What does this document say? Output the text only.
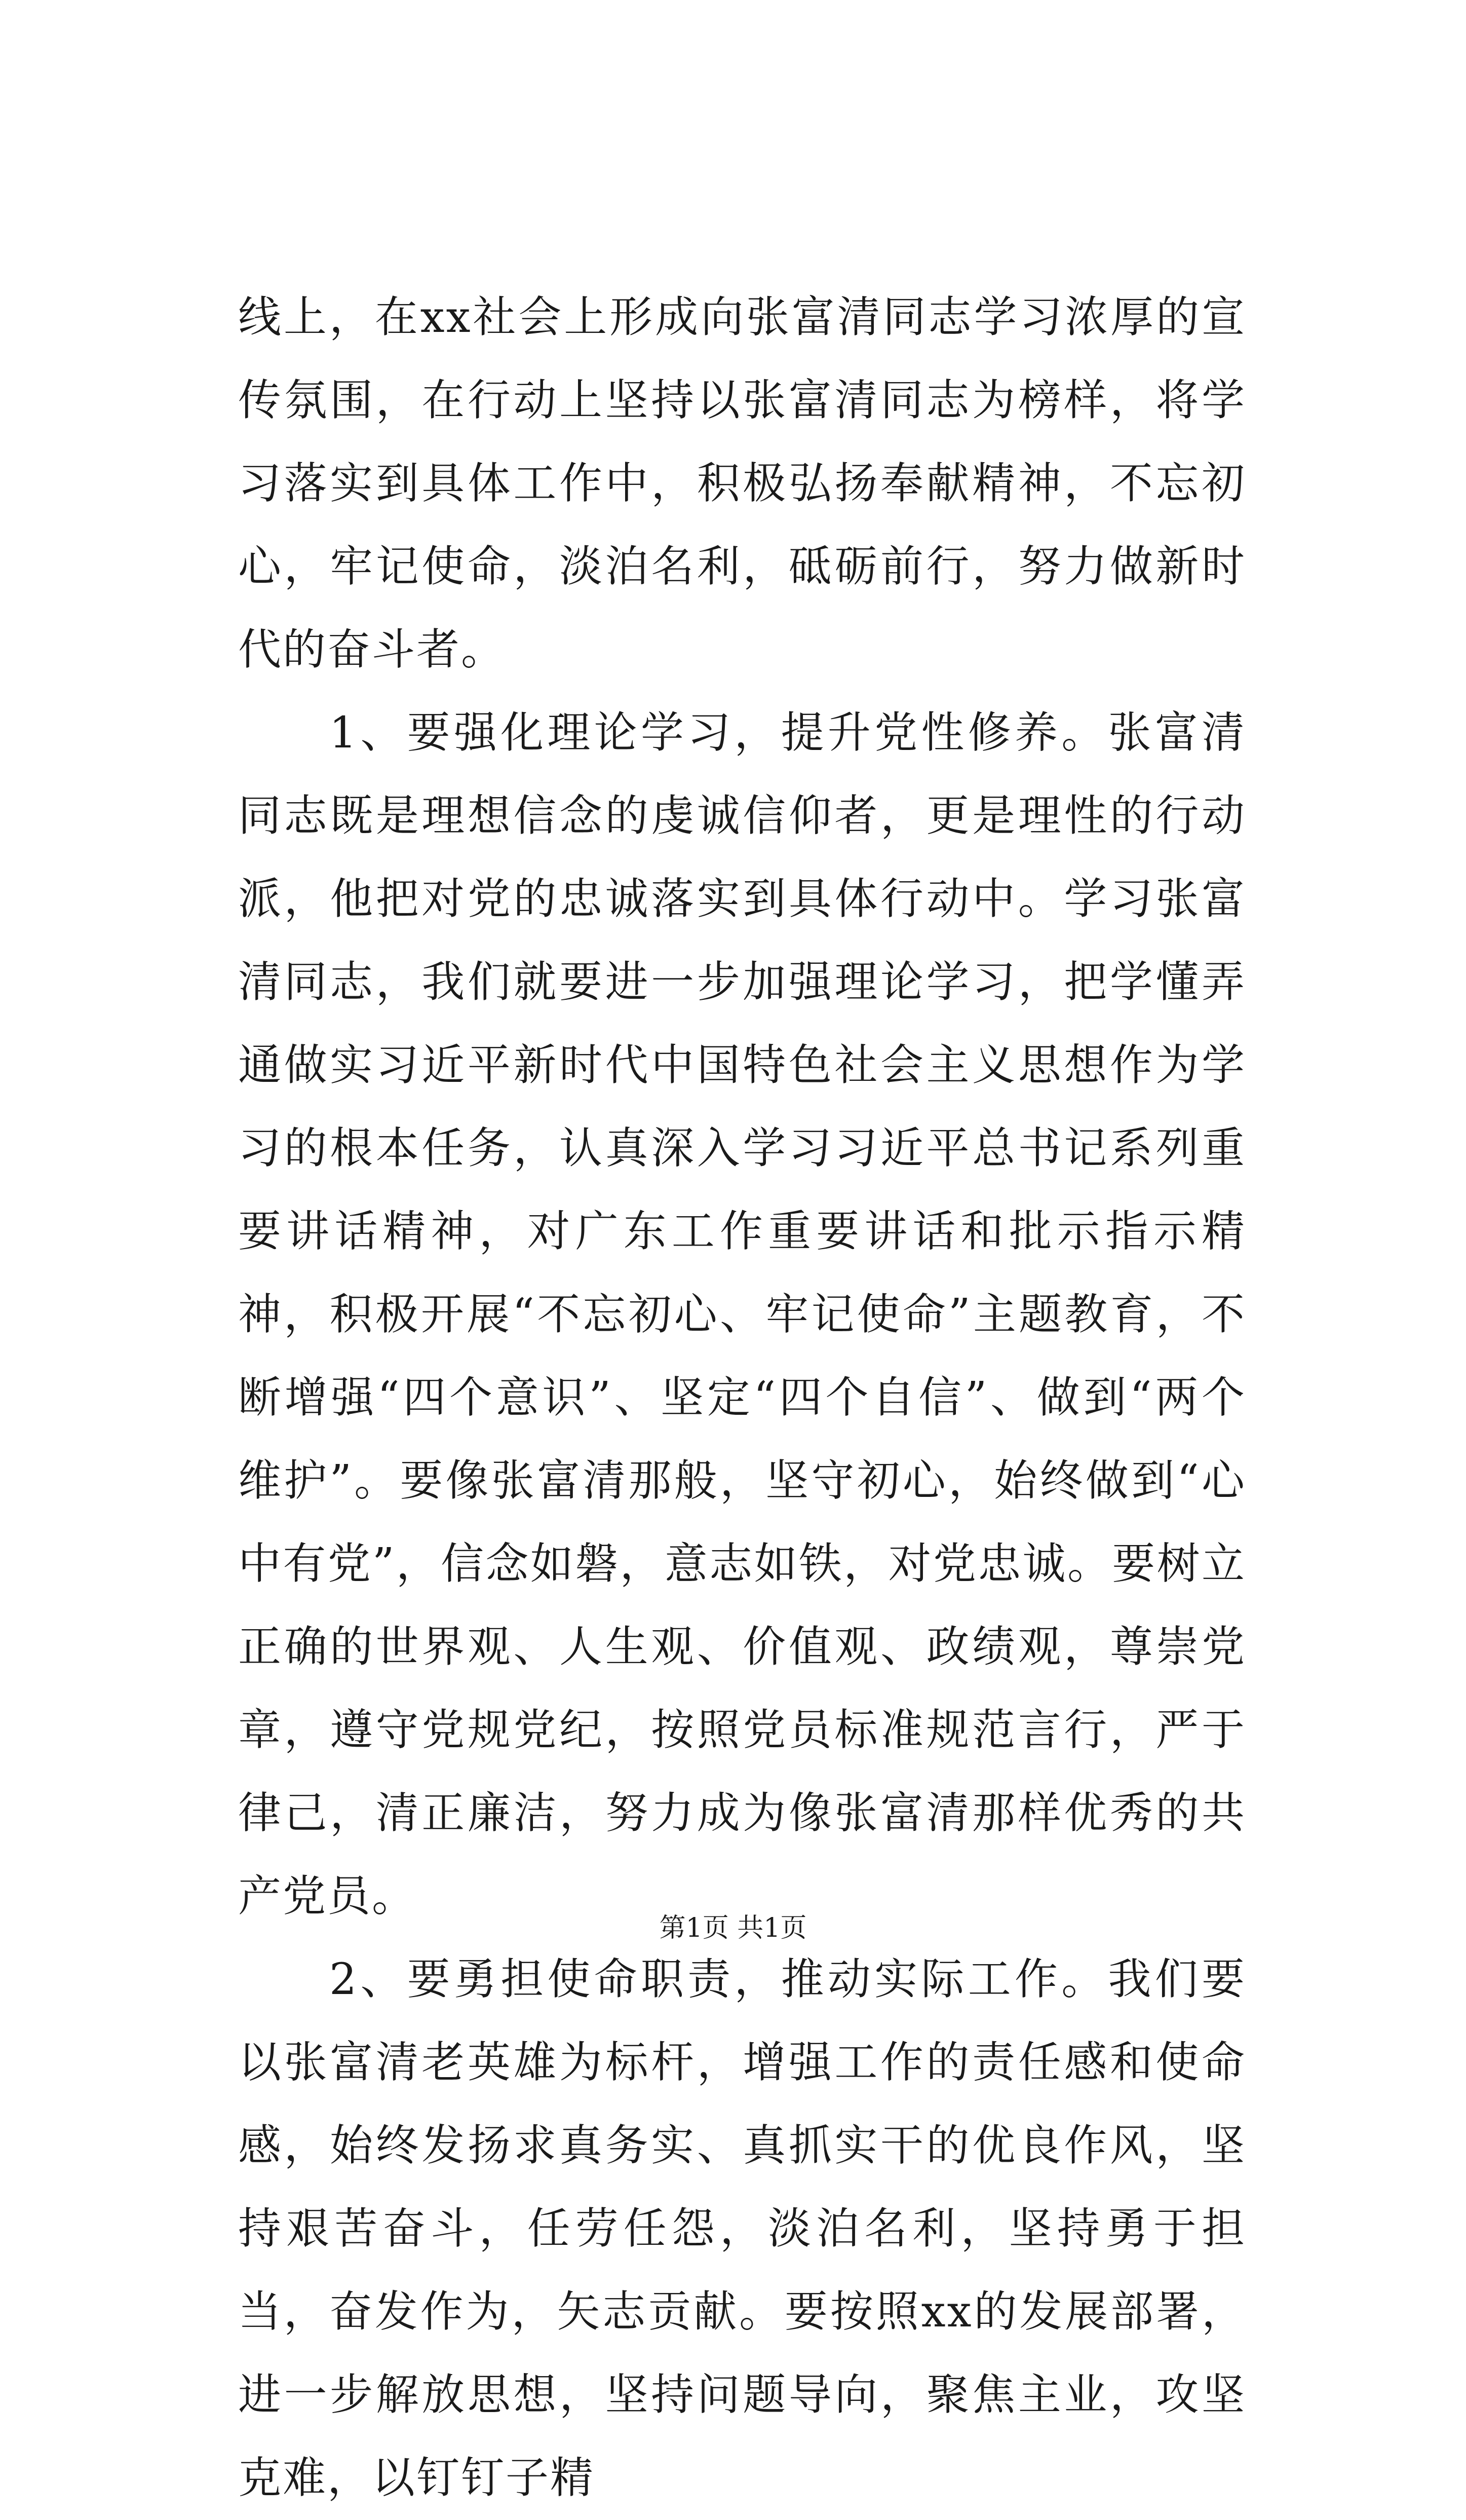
线上，在xx社会上形成向张富清同志学习浓厚的宣传氛围，在行动上坚持以张富清同志为榜样，将学习落实到具体工作中，积极弘扬奉献精神，不忘初心，牢记使命，淡泊名利，砥砺前行，努力做新时代的奋斗者。

1、要强化理论学习，提升党性修养。张富清同志既是理想信念的虔诚信仰者，更是理性的行动派，他把对党的忠诚落实到具体行动中。学习张富清同志，我们就要进一步加强理论学习，把学懂弄通做实习近平新时代中国特色社会主义思想作为学习的根本任务，认真深入学习习近平总书记系列重要讲话精神，对广东工作重要讲话和批示指示精神，积极开展“不忘初心、牢记使命”主题教育，不断增强“四个意识”、坚定“四个自信”、做到“两个维护”。要像张富清那般，坚守初心，始终做到“心中有党”，信念如磐，意志如铁，对党忠诚。要树立正确的世界观、人生观、价值观、政绩观，尊崇党章，遵守党规党纪，按照党员标准规范言行，严于律己，清正廉洁，努力成为像张富清那样优秀的共产党员。

2、要勇担使命职责，推动实际工作。我们要以张富清老英雄为标杆，增强工作的责任感和使命感，始终发扬求真务实、真抓实干的优良作风，坚持艰苦奋斗，任劳任怨，淡泊名利，坚持勇于担当，奋发作为，矢志贡献。要按照xx的发展部署，进一步解放思想，坚持问题导向，聚焦主业，攻坚克难，以钉钉子精

第1页 共1页
